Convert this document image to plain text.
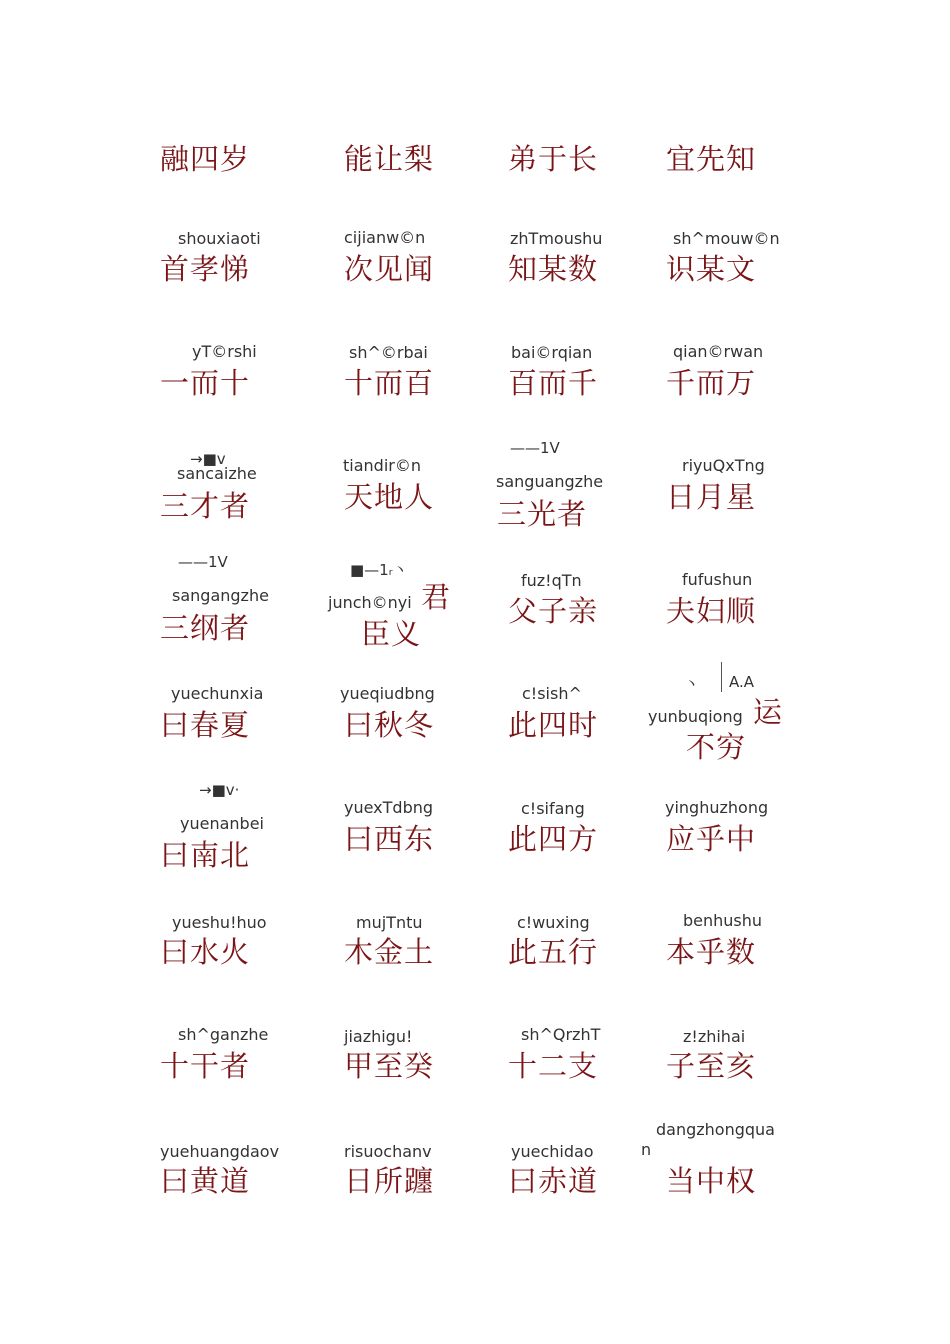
融四岁	能让梨	弟于长 宜先知
shouxiaoti
首孝悌
cijianw©n
次见闻
zhTmoushu
知某数
sh^mouw©n
识某文
yT©rshi
一而十
sh^©rbai
十而百
bai©rqian
百而千
qian©rwan
千而万
→■v
sancaizhe
三才者
tiandir©n
天地人
——1V
sanguangzhe
三光者
riyuQxTng
日月星
——1V
sangangzhe
三纲者
■—1ᵣ丶
junch©nyi 君
臣义
fuz!qTn
父子亲
fufushun
夫妇顺
yuechunxia
曰春夏
yueqiudbng
曰秋冬
c!sish^
此四时
丶 A.A
yunbuqiong 运
不穷
→■v·
yuenanbei
曰南北
yuexTdbng
曰西东
c!sifang
此四方
yinghuzhong
应乎中
yueshu!huo
曰水火
mujTntu
木金土
c!wuxing
此五行
benhushu
本乎数
sh^ganzhe
十干者
jiazhigu!
甲至癸
sh^QrzhT
十二支
z!zhihai
子至亥
yuehuangdaov
曰黄道
risuochanv
日所躔
yuechidao
曰赤道
dangzhongqua
n
当中权
